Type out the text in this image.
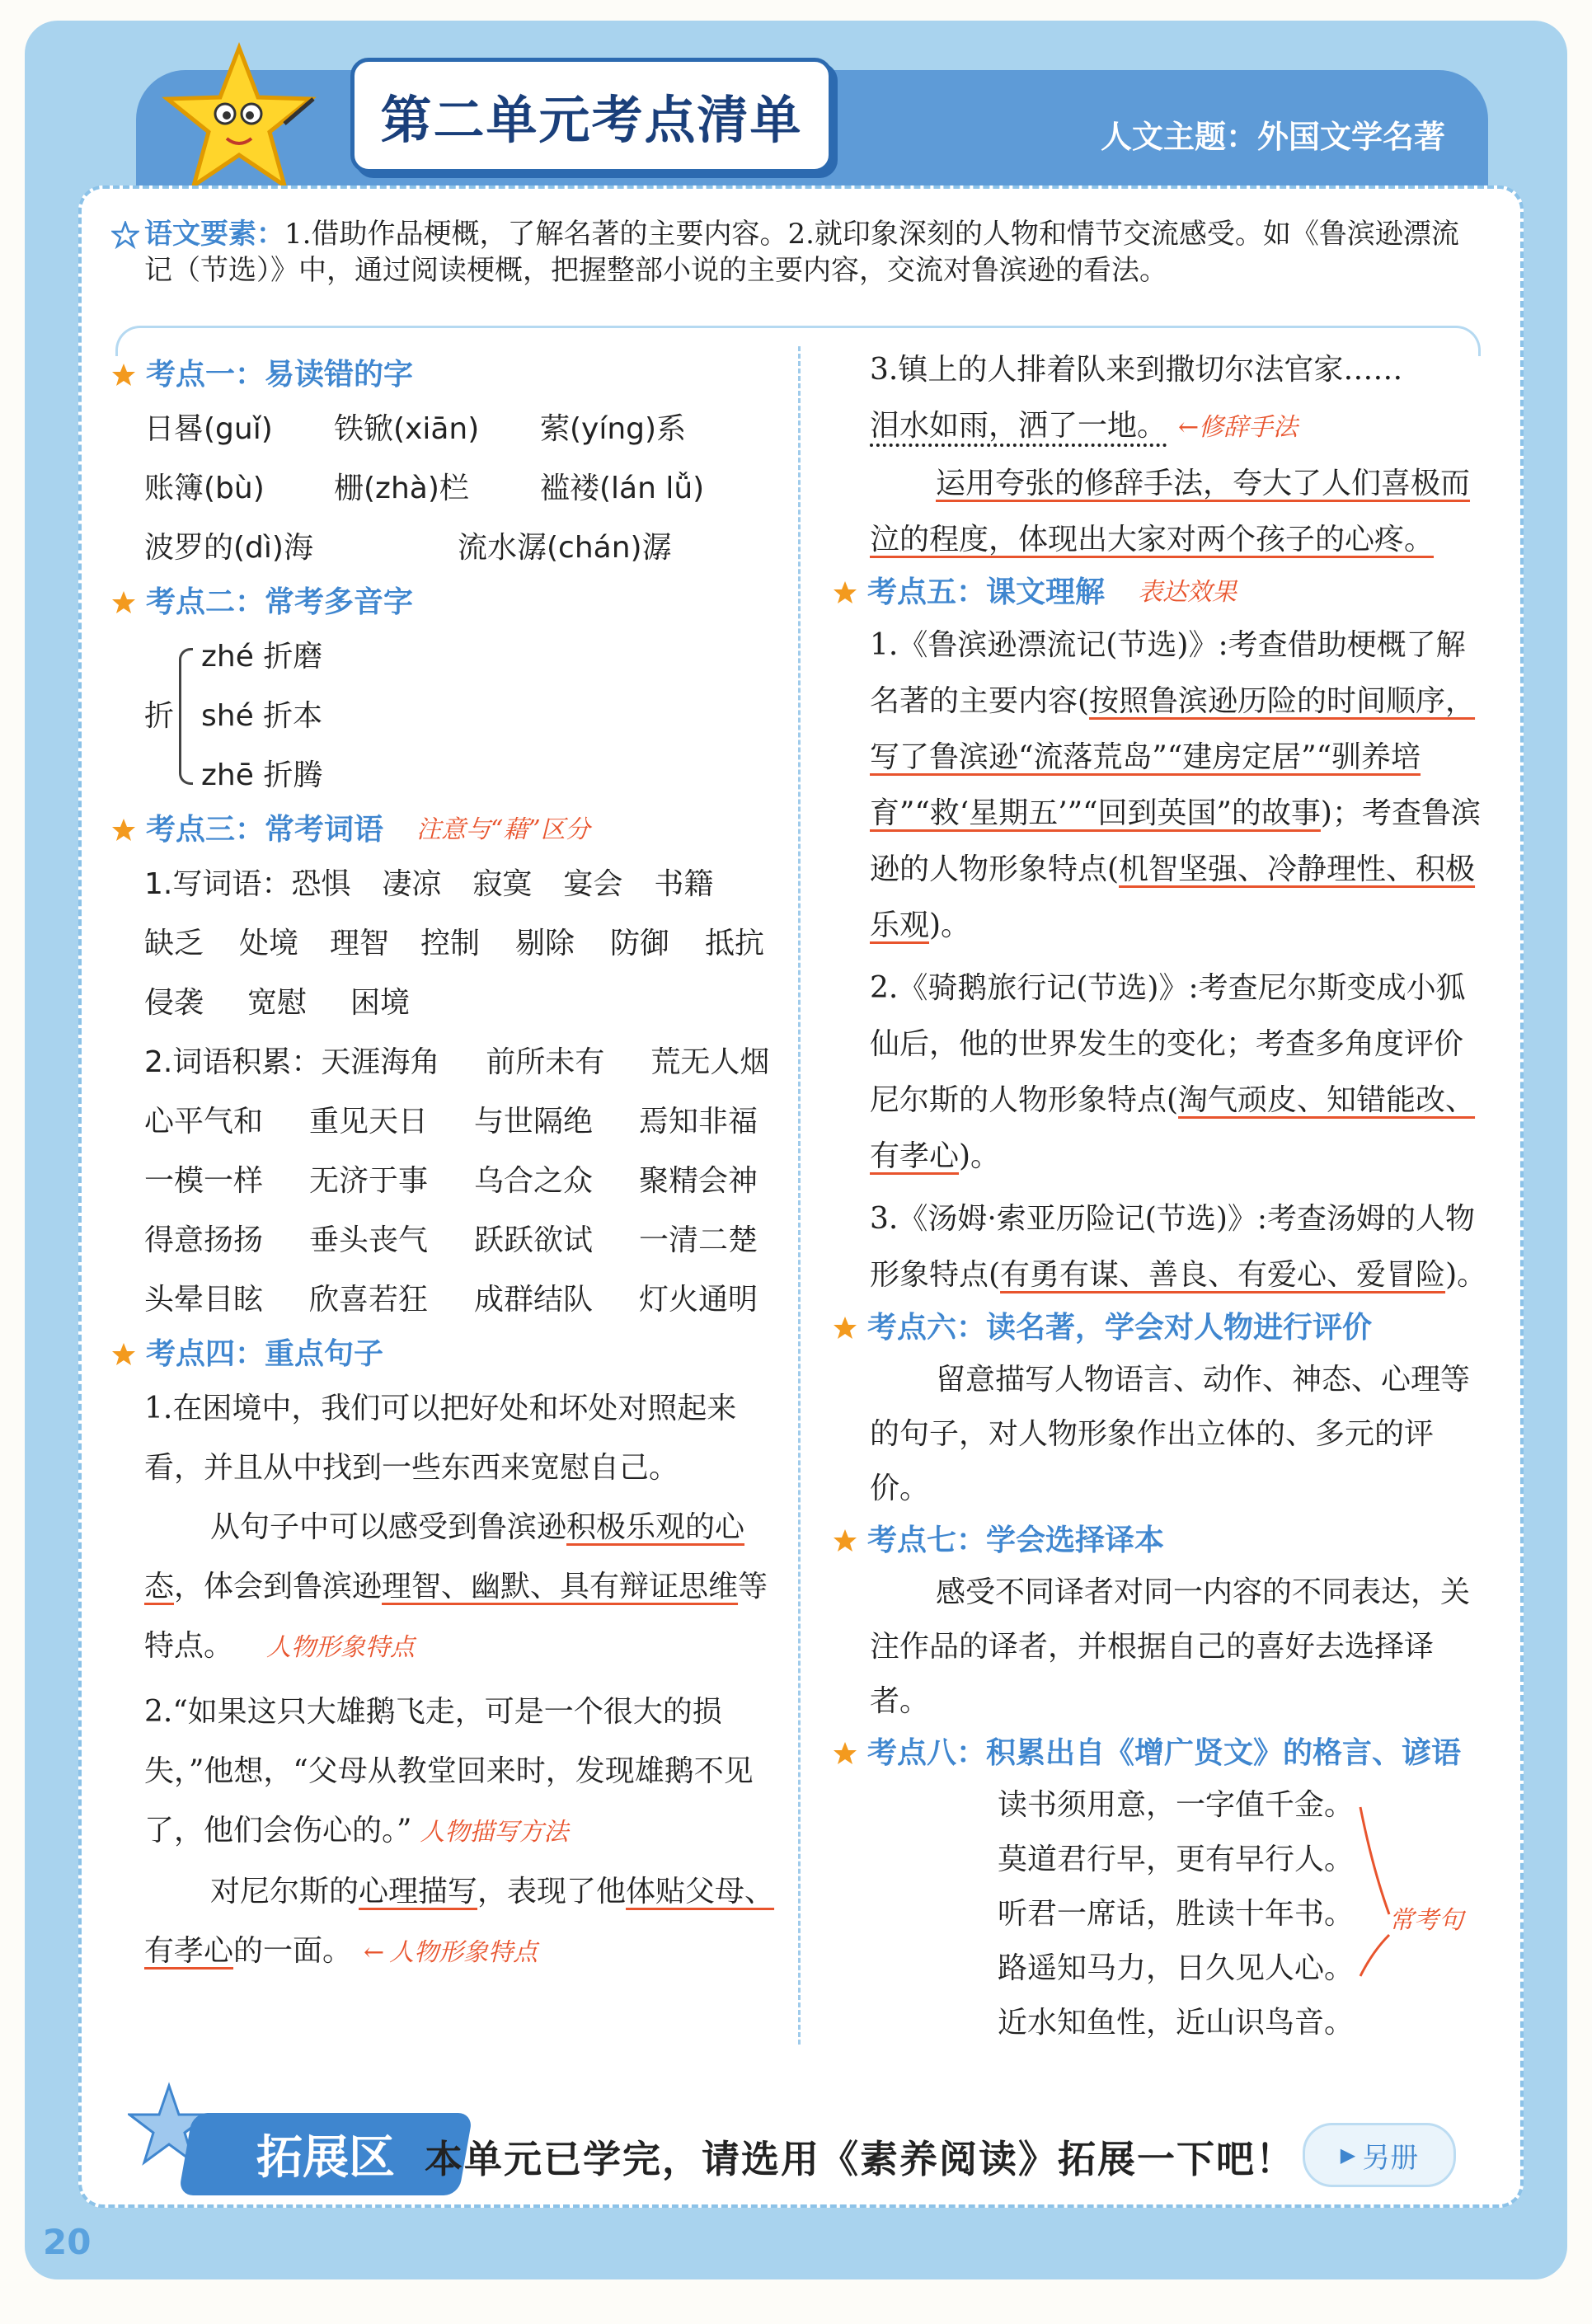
第二单元考点清单	人文主题：外国文学名著
语文要素：1.借助作品梗概，了解名著的主要内容。2.就印象深刻的人物和情节交流感受。如《鲁滨逊漂流记（节选）》中，通过阅读梗概，把握整部小说的主要内容，交流对鲁滨逊的看法。
考点一：易读错的字
日晷(guǐ)	铁锨(xiān)	萦(yíng)系
账簿(bù)	栅(zhà)栏	褴褛(lán lǚ)
波罗的(dì)海	流水潺(chán)潺
考点二：常考多音字
折
zhé 折磨
shé 折本
zhē 折腾
考点三：常考词语 注意与“藉”区分
1.写词语： 恐惧	凄凉	寂寞	宴会	书籍
缺乏	处境	理智	控制	剔除	防御	抵抗
侵袭	宽慰	困境
2.词语积累： 天涯海角	前所未有	荒无人烟
心平气和	重见天日	与世隔绝	焉知非福
一模一样	无济于事	乌合之众	聚精会神
得意扬扬	垂头丧气	跃跃欲试	一清二楚
头晕目眩	欣喜若狂	成群结队	灯火通明
考点四：重点句子

1.在困境中，我们可以把好处和坏处对照起来看，并且从中找到一些东西来宽慰自己。

从句子中可以感受到鲁滨逊积极乐观的心态，体会到鲁滨逊理智、幽默、具有辩证思维等特点。 人物形象特点

2.“如果这只大雄鹅飞走，可是一个很大的损失，”他想，“父母从教堂回来时，发现雄鹅不见了，他们会伤心的。” 人物描写方法

对尼尔斯的心理描写，表现了他体贴父母、有孝心的一面。 ← 人物形象特点

3.镇上的人排着队来到撒切尔法官家……

泪水如雨，洒了一地。 ←修辞手法

运用夸张的修辞手法，夸大了人们喜极而泣的程度，体现出大家对两个孩子的心疼。

考点五：课文理解 表达效果

1.《鲁滨逊漂流记(节选)》:考查借助梗概了解名著的主要内容(按照鲁滨逊历险的时间顺序，写了鲁滨逊“流落荒岛”“建房定居”“驯养培育”“救‘星期五’”“回到英国”的故事)；考查鲁滨逊的人物形象特点(机智坚强、冷静理性、积极乐观)。

2.《骑鹅旅行记(节选)》:考查尼尔斯变成小狐仙后，他的世界发生的变化；考查多角度评价尼尔斯的人物形象特点(淘气顽皮、知错能改、有孝心)。

3.《汤姆·索亚历险记(节选)》:考查汤姆的人物形象特点(有勇有谋、善良、有爱心、爱冒险)。

考点六：读名著，学会对人物进行评价

留意描写人物语言、动作、神态、心理等的句子，对人物形象作出立体的、多元的评价。

考点七：学会选择译本

感受不同译者对同一内容的不同表达，关注作品的译者，并根据自己的喜好去选择译者。

考点八：积累出自《增广贤文》的格言、谚语
读书须用意，一字值千金。
莫道君行早，更有早行人。
听君一席话，胜读十年书。
路遥知马力，日久见人心。
近水知鱼性，近山识鸟音。
常考句
拓展区 本单元已学完，请选用《素养阅读》拓展一下吧！ ▶ 另册
20
